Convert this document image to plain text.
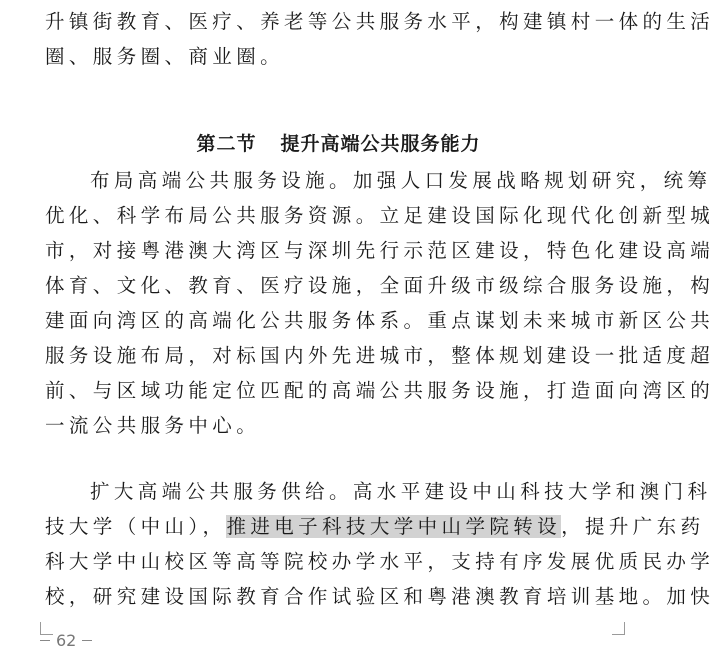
升镇街教育、医疗、养老等公共服务水平，构建镇村一体的生活
圈、服务圈、商业圈。
第二节 提升高端公共服务能力
布局高端公共服务设施。加强人口发展战略规划研究，统筹
优化、科学布局公共服务资源。立足建设国际化现代化创新型城
市，对接粤港澳大湾区与深圳先行示范区建设，特色化建设高端
体育、文化、教育、医疗设施，全面升级市级综合服务设施，构
建面向湾区的高端化公共服务体系。重点谋划未来城市新区公共
服务设施布局，对标国内外先进城市，整体规划建设一批适度超
前、与区域功能定位匹配的高端公共服务设施，打造面向湾区的
一流公共服务中心。
扩大高端公共服务供给。高水平建设中山科技大学和澳门科
技大学（中山），推进电子科技大学中山学院转设，提升广东药
科大学中山校区等高等院校办学水平，支持有序发展优质民办学
校，研究建设国际教育合作试验区和粤港澳教育培训基地。加快
62
